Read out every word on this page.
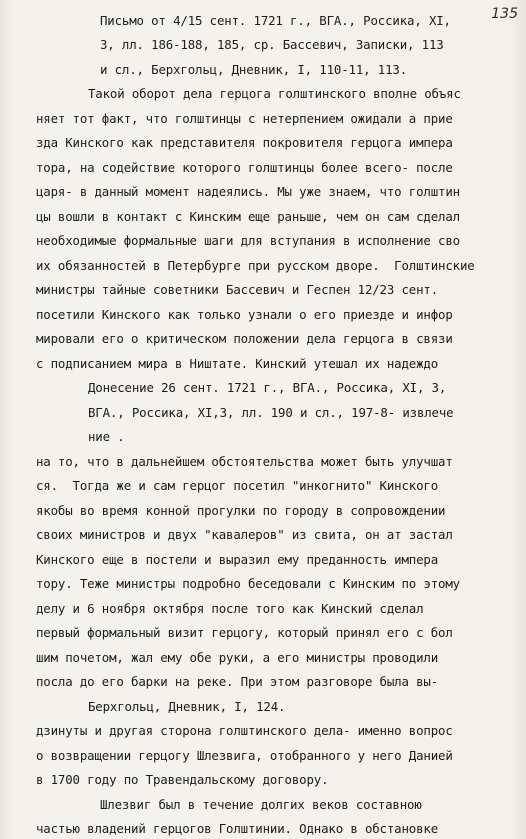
135
Письмо от 4/15 сент. 1721 г., ВГА., Россика, XI,
3, лл. 186-188, 185, ср. Бассевич, Записки, 113
и сл., Берхгольц, Дневник, I, 110-11, 113.
Такой оборот дела герцога голштинского вполне объяс
няет тот факт, что голштинцы с нетерпением ожидали а прие
зда Кинского как представителя покровителя герцога импера
тора, на содействие которого голштинцы более всего- после
царя- в данный момент надеялись. Мы уже знаем, что голштин
цы вошли в контакт с Кинским еще раньше, чем он сам сделал
необходимые формальные шаги для вступания в исполнение сво
их обязанностей в Петербурге при русском дворе.  Голштинские
министры тайные советники Бассевич и Геспен 12/23 сент.
посетили Кинского как только узнали о его приезде и инфор
мировали его о критическом положении дела герцога в связи
с подписанием мира в Ништате. Кинский утешал их надеждо
Донесение 26 сент. 1721 г., ВГА., Россика, XI, 3,
ВГА., Россика, XI,3, лл. 190 и сл., 197-8- извлече
ние .
на то, что в дальнейшем обстоятельства может быть улучшат
ся.  Тогда же и сам герцог посетил "инкогнито" Кинского
якобы во время конной прогулки по городу в сопровождении
своих министров и двух "кавалеров" из свита, он ат застал
Кинского еще в постели и выразил ему преданность импера
тору. Теже министры подробно беседовали с Кинским по этому
делу и 6 ноября октября после того как Кинский сделал
первый формальный визит герцогу, который принял его с бол
шим почетом, жал ему обе руки, а его министры проводили
посла до его барки на реке. При этом разговоре была вы-
Берхгольц, Дневник, I, 124.
дзинуты и другая сторона голштинского дела- именно вопрос
о возвращении герцогу Шлезвига, отобранного у него Данией
в 1700 году по Травендальскому договору.
Шлезвиг был в течение долгих веков составною
частью владений герцогов Голштинии. Однако в обстановке
